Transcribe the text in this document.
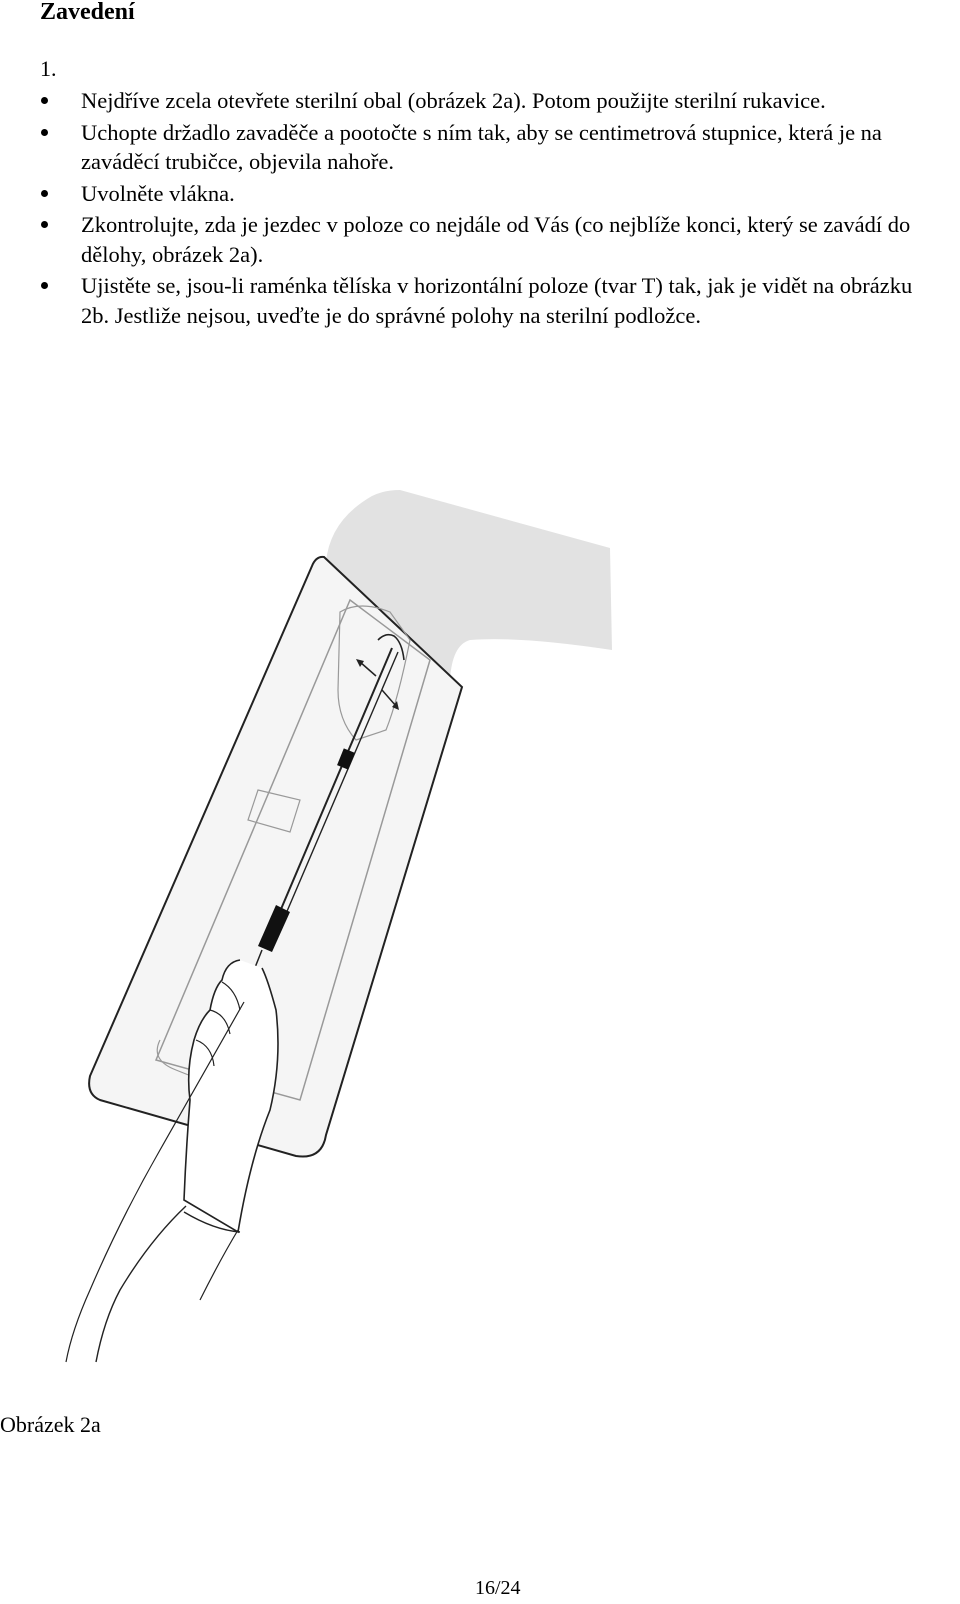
Zavedení
1.
Nejdříve zcela otevřete sterilní obal (obrázek 2a). Potom použijte sterilní rukavice.
Uchopte držadlo zavaděče a pootočte s ním tak, aby se centimetrová stupnice, která je na zaváděcí trubičce, objevila nahoře.
Uvolněte vlákna.
Zkontrolujte, zda je jezdec v poloze co nejdále od Vás (co nejblíže konci, který se zavádí do dělohy, obrázek 2a).
Ujistěte se, jsou-li raménka tělíska v horizontální poloze (tvar T) tak, jak je vidět na obrázku 2b. Jestliže nejsou, uveďte je do správné polohy na sterilní podložce.
Obrázek 2a
16/24
